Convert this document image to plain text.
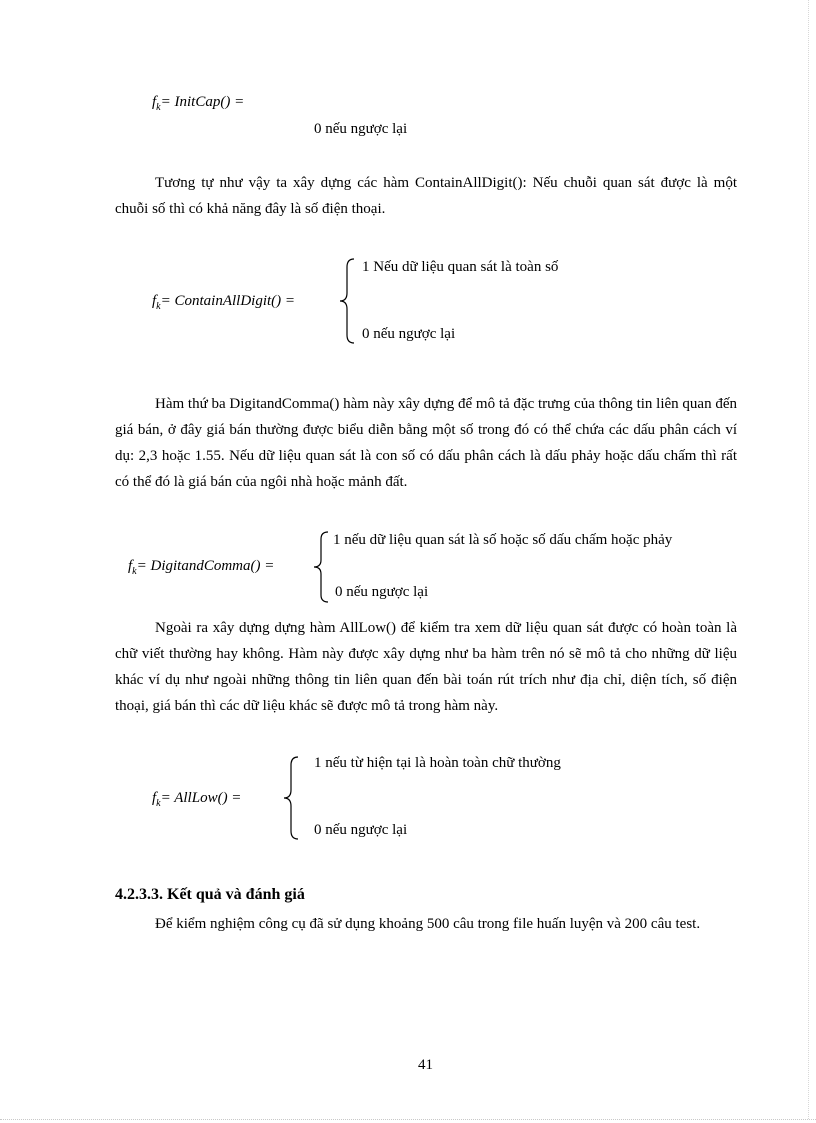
$f_k=$ InitCap() =
0 nếu ngược lại
Tương tự như vậy ta xây dựng các hàm ContainAllDigit(): Nếu chuỗi quan sát được là một chuỗi số thì có khả năng đây là số điện thoại.
$f_k=$ ContainAllDigit() =
1 Nếu dữ liệu quan sát là toàn số
0 nếu ngược lại
Hàm thứ ba DigitandComma() hàm này xây dựng để mô tả đặc trưng của thông tin liên quan đến giá bán, ở đây giá bán thường được biểu diễn bằng một số trong đó có thể chứa các dấu phân cách ví dụ: 2,3 hoặc 1.55. Nếu dữ liệu quan sát là con số có dấu phân cách là dấu phảy hoặc dấu chấm thì rất có thể đó là giá bán của ngôi nhà hoặc mảnh đất.
$f_k=$ DigitandComma() =
1 nếu dữ liệu quan sát là số hoặc số dấu chấm hoặc phảy
0 nếu ngược lại
Ngoài ra xây dựng dựng hàm AllLow() để kiểm tra xem dữ liệu quan sát được có hoàn toàn là chữ viết thường hay không. Hàm này được xây dựng như ba hàm trên nó sẽ mô tả cho những dữ liệu khác ví dụ như ngoài những thông tin liên quan đến bài toán rút trích như địa chỉ, diện tích, số điện thoại, giá bán thì các dữ liệu khác sẽ được mô tả trong hàm này.
$f_k=$ AllLow() =
1 nếu từ hiện tại là hoàn toàn chữ thường
0 nếu ngược lại
4.2.3.3. Kết quả và đánh giá
Để kiểm nghiệm công cụ đã sử dụng khoảng 500 câu trong file huấn luyện và 200 câu test.
41
